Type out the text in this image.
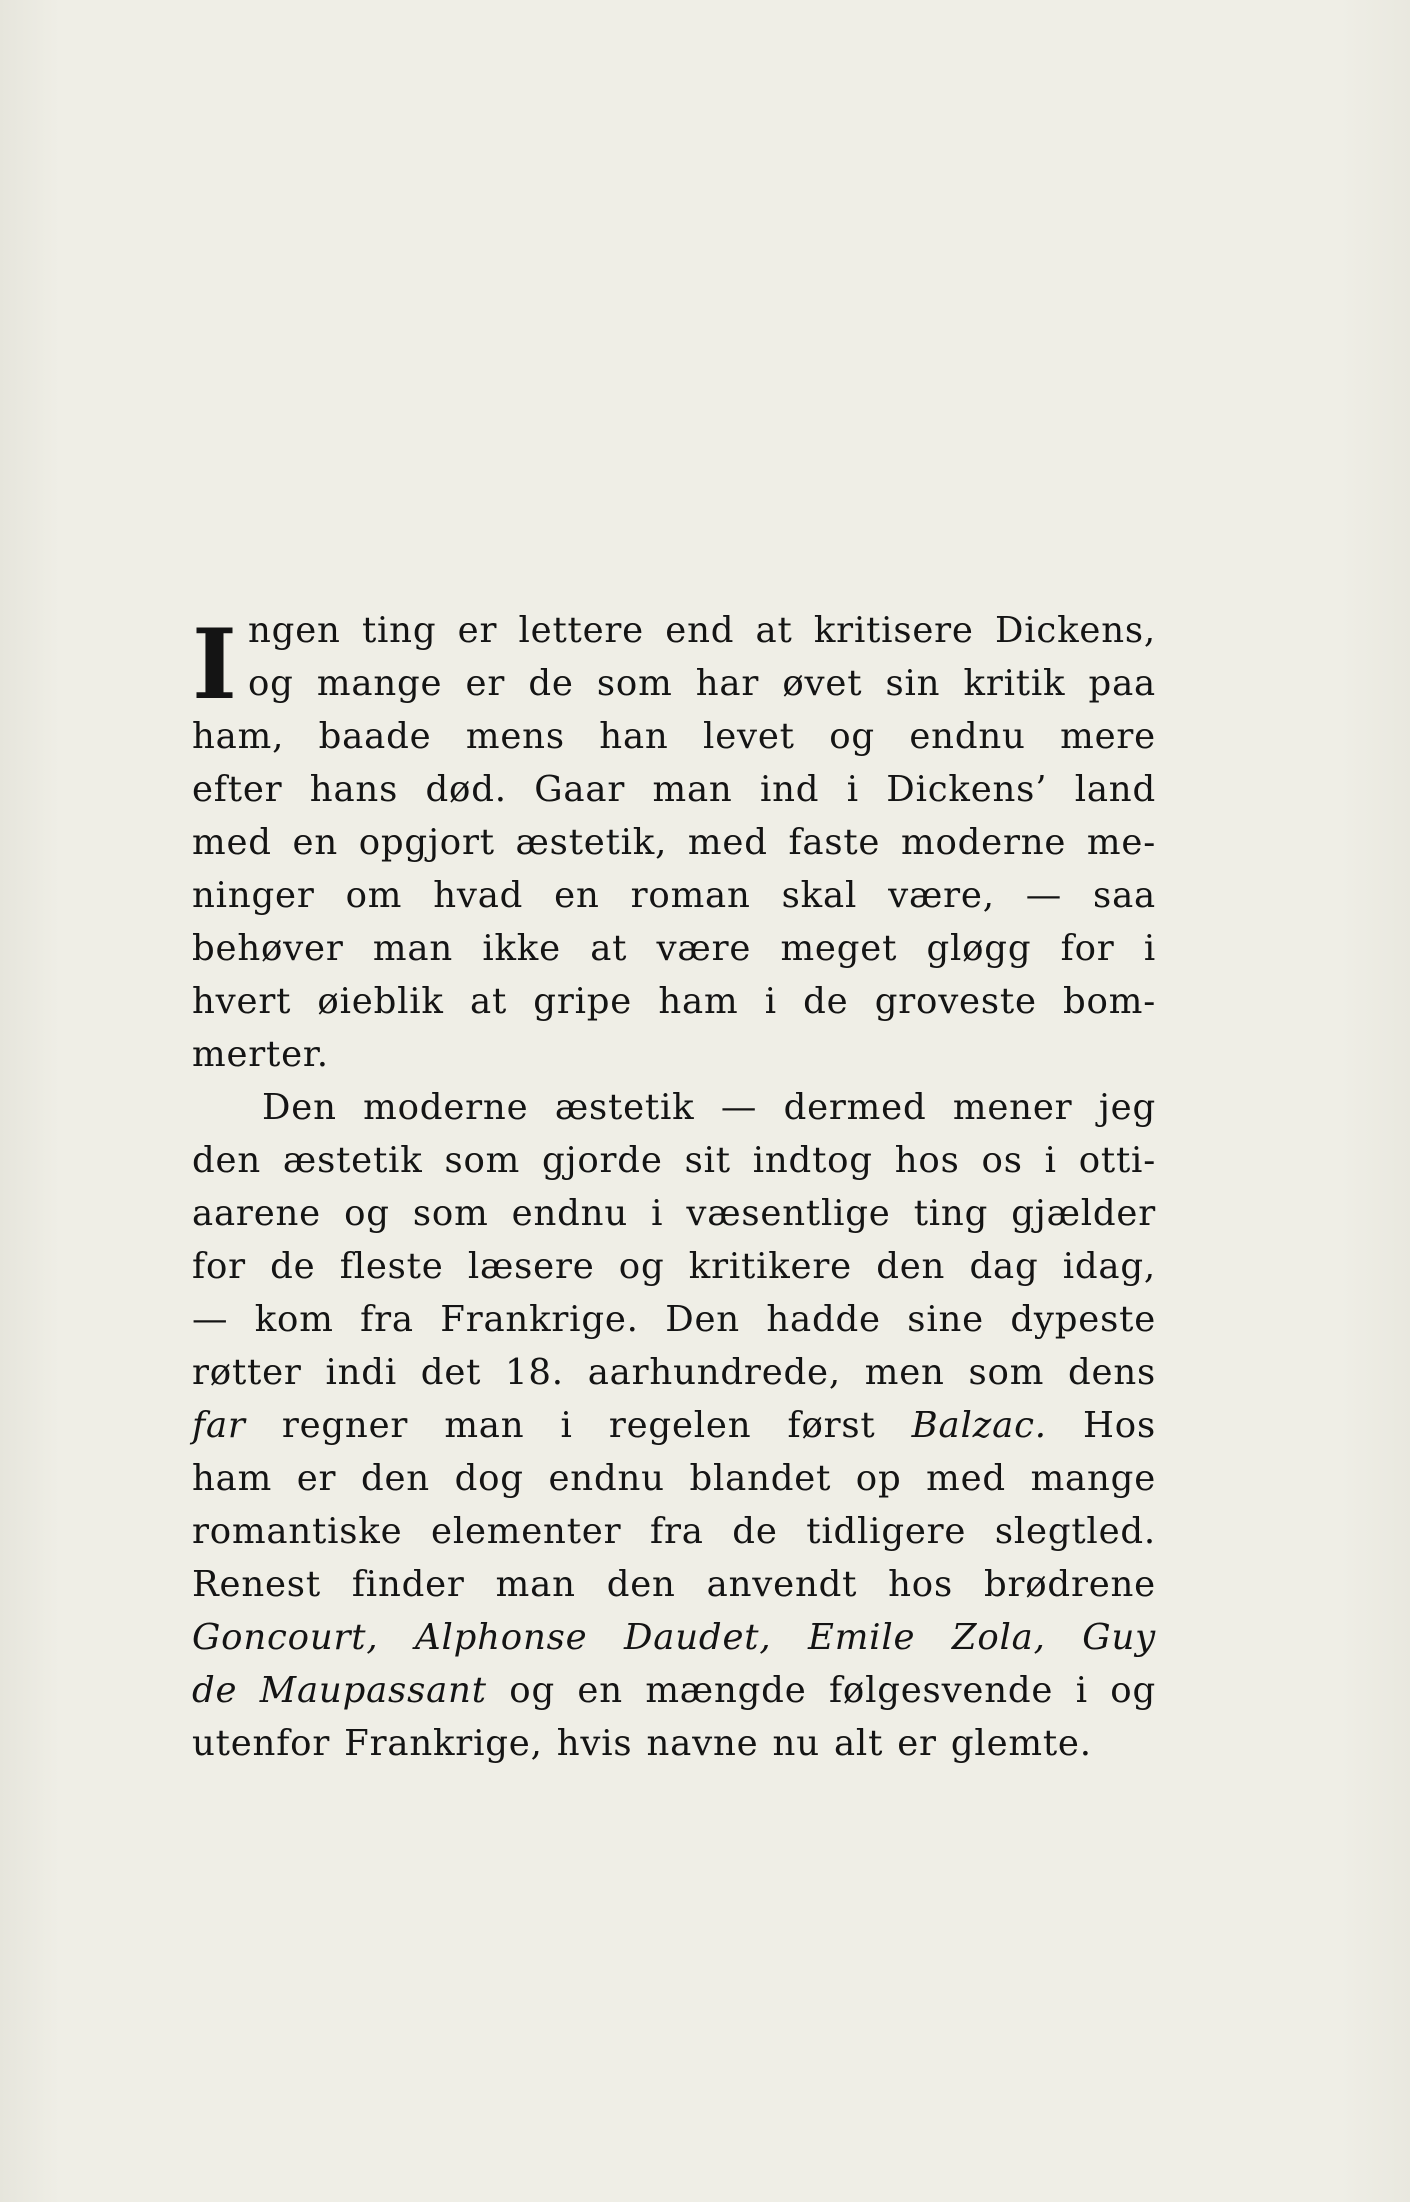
I ngen ting er lettere end at kritisere Dickens,
og mange er de som har øvet sin kritik paa
ham, baade mens han levet og endnu mere
efter hans død. Gaar man ind i Dickens’ land
med en opgjort æstetik, med faste moderne me-
ninger om hvad en roman skal være, — saa
behøver man ikke at være meget gløgg for i
hvert øieblik at gripe ham i de groveste bom-
merter.
Den moderne æstetik — dermed mener jeg
den æstetik som gjorde sit indtog hos os i otti-
aarene og som endnu i væsentlige ting gjælder
for de fleste læsere og kritikere den dag idag,
— kom fra Frankrige. Den hadde sine dypeste
røtter indi det 18. aarhundrede, men som dens
far regner man i regelen først Balzac. Hos
ham er den dog endnu blandet op med mange
romantiske elementer fra de tidligere slegtled.
Renest finder man den anvendt hos brødrene
Goncourt, Alphonse Daudet, Emile Zola, Guy
de Maupassant og en mængde følgesvende i og
utenfor Frankrige, hvis navne nu alt er glemte.
